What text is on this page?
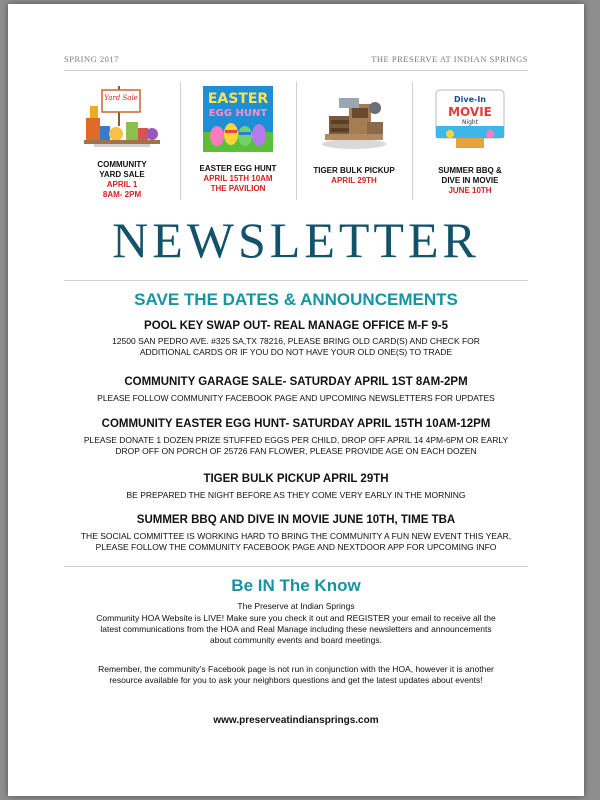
SPRING 2017	THE PRESERVE AT INDIAN SPRINGS
Yard Sale
COMMUNITY
YARD SALE
APRIL 1
8AM- 2PM
EASTER
EGG HUNT
EASTER EGG HUNT
APRIL 15TH 10AM
THE PAVILION
TIGER BULK PICKUP
APRIL 29TH
Dive-In
MOVIE
Night
SUMMER BBQ &
DIVE IN MOVIE
JUNE 10TH
NEWSLETTER
SAVE THE DATES & ANNOUNCEMENTS
POOL KEY SWAP OUT- REAL MANAGE OFFICE M-F 9-5
12500 SAN PEDRO AVE. #325 SA,TX 78216, PLEASE BRING OLD CARD(S) AND CHECK FOR
ADDITIONAL CARDS OR IF YOU DO NOT HAVE YOUR OLD ONE(S) TO TRADE
COMMUNITY GARAGE SALE- SATURDAY APRIL 1ST 8AM-2PM
PLEASE FOLLOW COMMUNITY FACEBOOK PAGE AND UPCOMING NEWSLETTERS FOR UPDATES
COMMUNITY EASTER EGG HUNT- SATURDAY APRIL 15TH 10AM-12PM
PLEASE DONATE 1 DOZEN PRIZE STUFFED EGGS PER CHILD, DROP OFF APRIL 14 4PM-6PM OR EARLY
DROP OFF ON PORCH OF 25726 FAN FLOWER, PLEASE PROVIDE AGE ON EACH DOZEN
TIGER BULK PICKUP APRIL 29TH
BE PREPARED THE NIGHT BEFORE AS THEY COME VERY EARLY IN THE MORNING
SUMMER BBQ AND DIVE IN MOVIE JUNE 10TH, TIME TBA
THE SOCIAL COMMITTEE IS WORKING HARD TO BRING THE COMMUNITY A FUN NEW EVENT THIS YEAR,
PLEASE FOLLOW THE COMMUNITY FACEBOOK PAGE AND NEXTDOOR APP FOR UPCOMING INFO
Be IN The Know
The Preserve at Indian Springs
Community HOA Website is LIVE! Make sure you check it out and REGISTER your email to receive all the
latest communications from the HOA and Real Manage including these newsletters and announcements
about community events and board meetings.
Remember, the community’s Facebook page is not run in conjunction with the HOA, however it is another
resource available for you to ask your neighbors questions and get the latest updates about events!
www.preserveatindiansprings.com
